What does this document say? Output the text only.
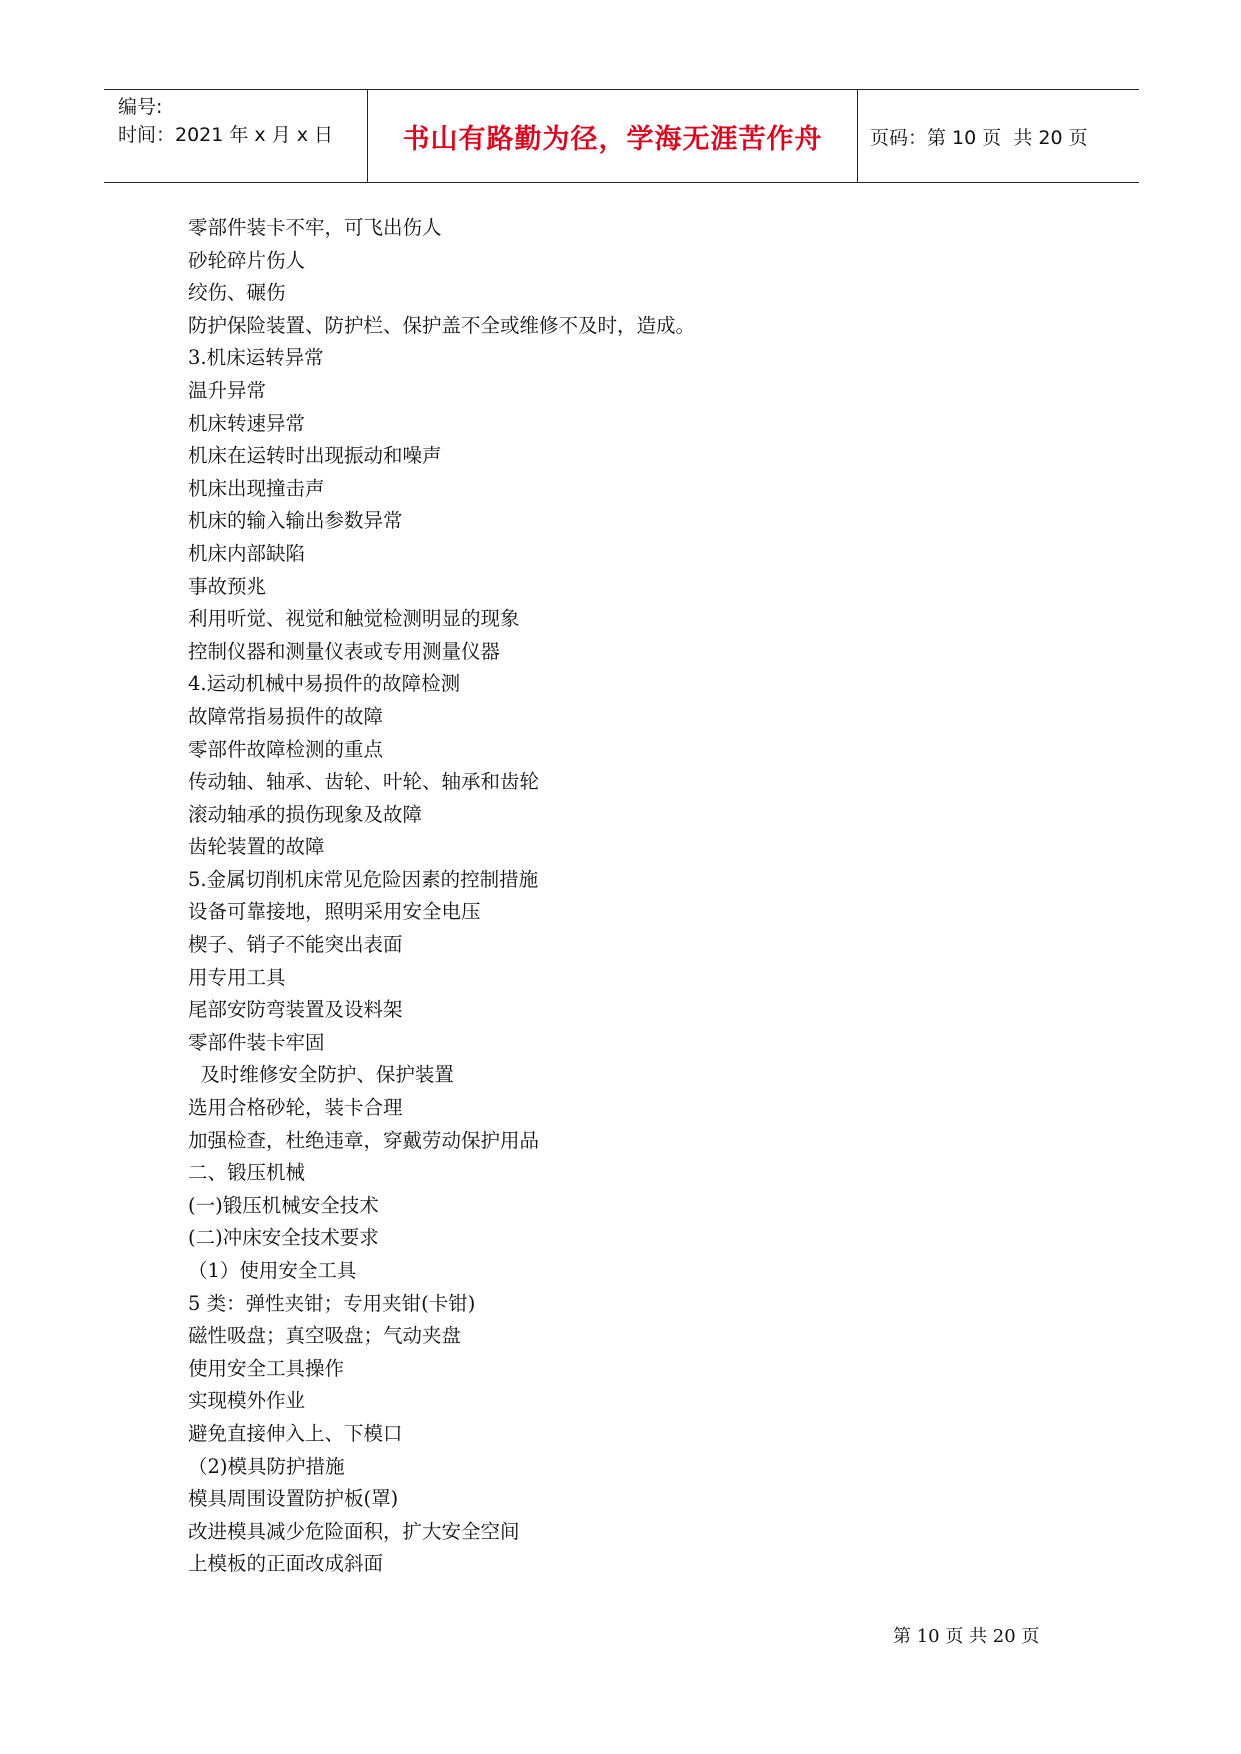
编号:
时间：2021 年 x 月 x 日	书山有路勤为径，学海无涯苦作舟	页码：第 10 页  共 20 页
零部件装卡不牢，可飞出伤人
砂轮碎片伤人
绞伤、碾伤
防护保险装置、防护栏、保护盖不全或维修不及时，造成。
3.机床运转异常
温升异常
机床转速异常
机床在运转时出现振动和噪声
机床出现撞击声
机床的输入输出参数异常
机床内部缺陷
事故预兆
利用听觉、视觉和触觉检测明显的现象
控制仪器和测量仪表或专用测量仪器
4.运动机械中易损件的故障检测
故障常指易损件的故障
零部件故障检测的重点
传动轴、轴承、齿轮、叶轮、轴承和齿轮
滚动轴承的损伤现象及故障
齿轮装置的故障
5.金属切削机床常见危险因素的控制措施
设备可靠接地，照明采用安全电压
楔子、销子不能突出表面
用专用工具
尾部安防弯装置及设料架
零部件装卡牢固
及时维修安全防护、保护装置
选用合格砂轮，装卡合理
加强检查，杜绝违章，穿戴劳动保护用品
二、锻压机械
(一)锻压机械安全技术
(二)冲床安全技术要求
（1）使用安全工具
5 类：弹性夹钳；专用夹钳(卡钳)
磁性吸盘；真空吸盘；气动夹盘
使用安全工具操作
实现模外作业
避免直接伸入上、下模口
（2)模具防护措施
模具周围设置防护板(罩)
改进模具减少危险面积，扩大安全空间
上模板的正面改成斜面
第 10 页 共 20 页
